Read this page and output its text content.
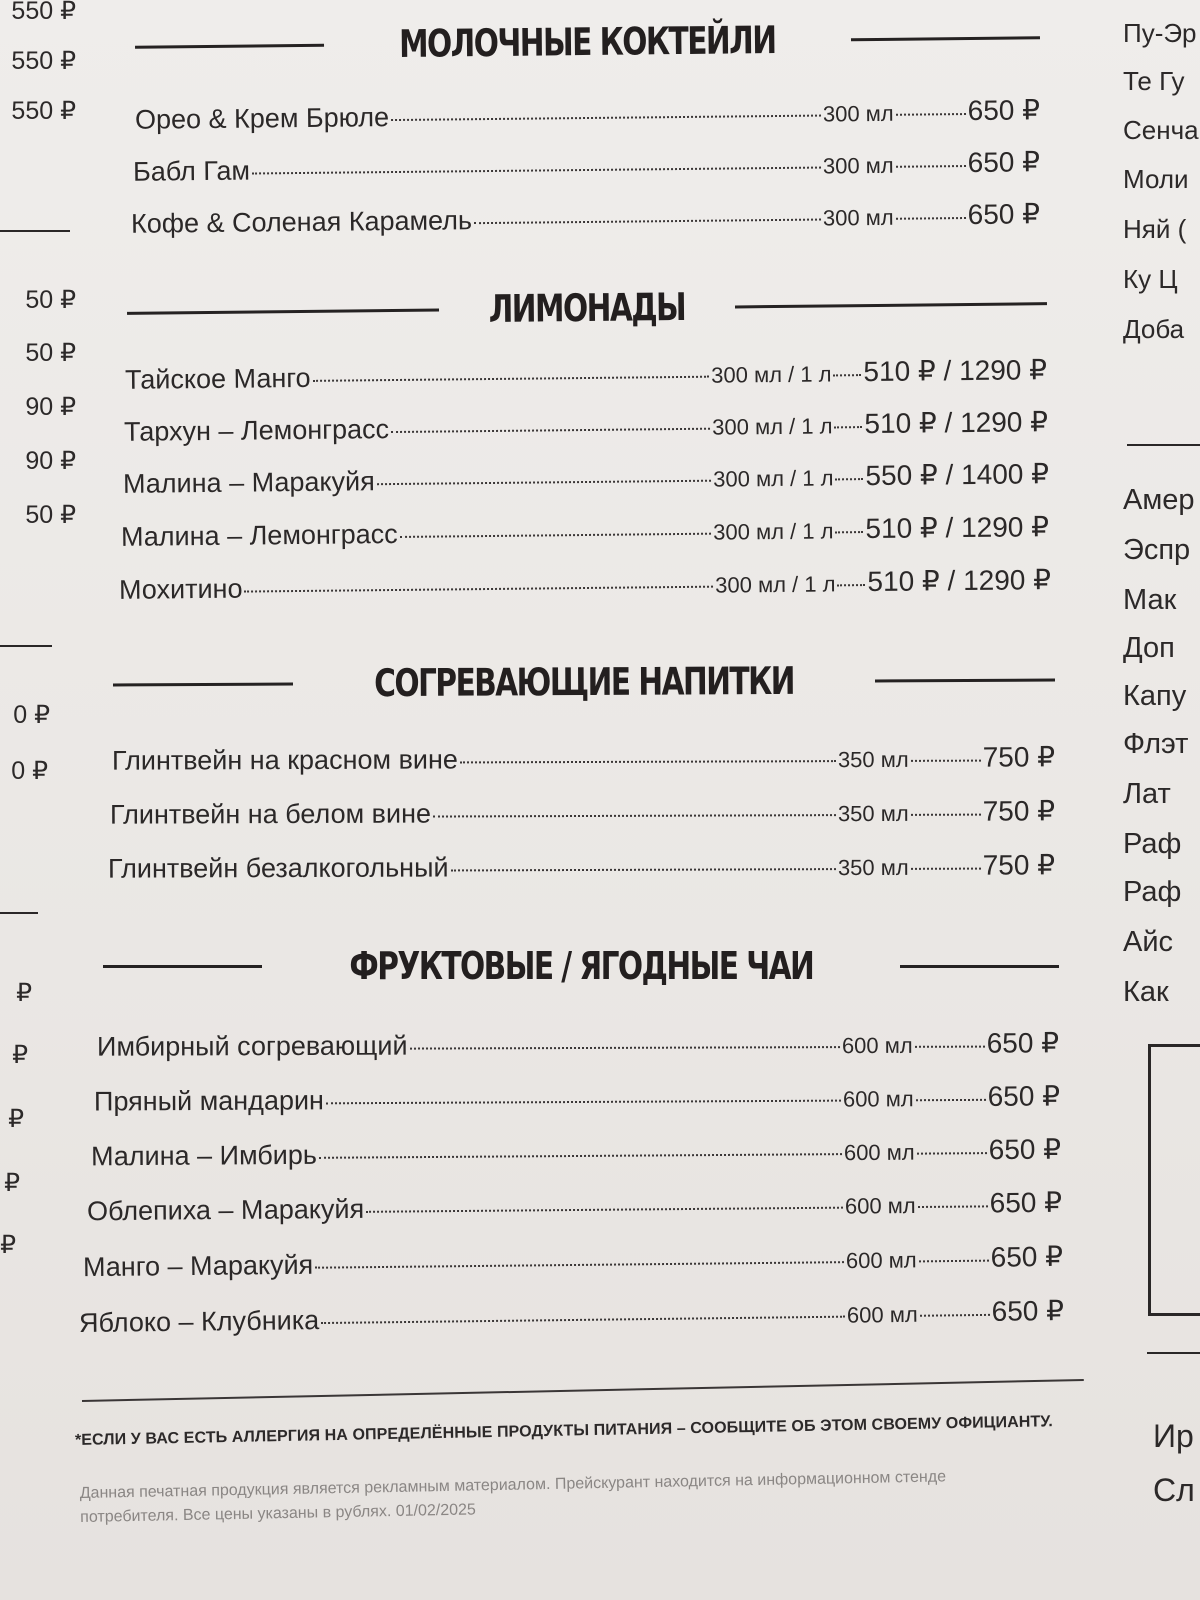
550 ₽
550 ₽
550 ₽
50 ₽
50 ₽
90 ₽
90 ₽
50 ₽
0 ₽
0 ₽
₽
₽
₽
₽
₽
МОЛОЧНЫЕ КОКТЕЙЛИ
Орео & Крем Брюле	300 мл	650 ₽
Бабл Гам	300 мл	650 ₽
Кофе & Соленая Карамель	300 мл	650 ₽
ЛИМОНАДЫ
Тайское Манго	300 мл / 1 л 510 ₽ / 1290 ₽
Тархун – Лемонграсс	300 мл / 1 л 510 ₽ / 1290 ₽
Малина – Маракуйя	300 мл / 1 л 550 ₽ / 1400 ₽
Малина – Лемонграсс	300 мл / 1 л 510 ₽ / 1290 ₽
Мохитино	300 мл / 1 л 510 ₽ / 1290 ₽
СОГРЕВАЮЩИЕ НАПИТКИ
Глинтвейн на красном вине	350 мл	750 ₽
Глинтвейн на белом вине	350 мл	750 ₽
Глинтвейн безалкогольный	350 мл	750 ₽
ФРУКТОВЫЕ / ЯГОДНЫЕ ЧАИ
Имбирный согревающий	600 мл	650 ₽
Пряный мандарин	600 мл	650 ₽
Малина – Имбирь	600 мл	650 ₽
Облепиха – Маракуйя	600 мл	650 ₽
Манго – Маракуйя	600 мл	650 ₽
Яблоко – Клубника	600 мл	650 ₽
*ЕСЛИ У ВАС ЕСТЬ АЛЛЕРГИЯ НА ОПРЕДЕЛЁННЫЕ ПРОДУКТЫ ПИТАНИЯ – СООБЩИТЕ ОБ ЭТОМ СВОЕМУ ОФИЦИАНТУ.
Данная печатная продукция является рекламным материалом. Прейскурант находится на информационном стенде потребителя. Все цены указаны в рублях. 01/02/2025
Пу-Эр
Те Гу
Сенча
Моли
Няй (
Ку Ц
Доба
Амер
Эспр
Мак
Доп
Капу
Флэт
Лат
Раф
Раф
Айс
Как
Ир
Сл
